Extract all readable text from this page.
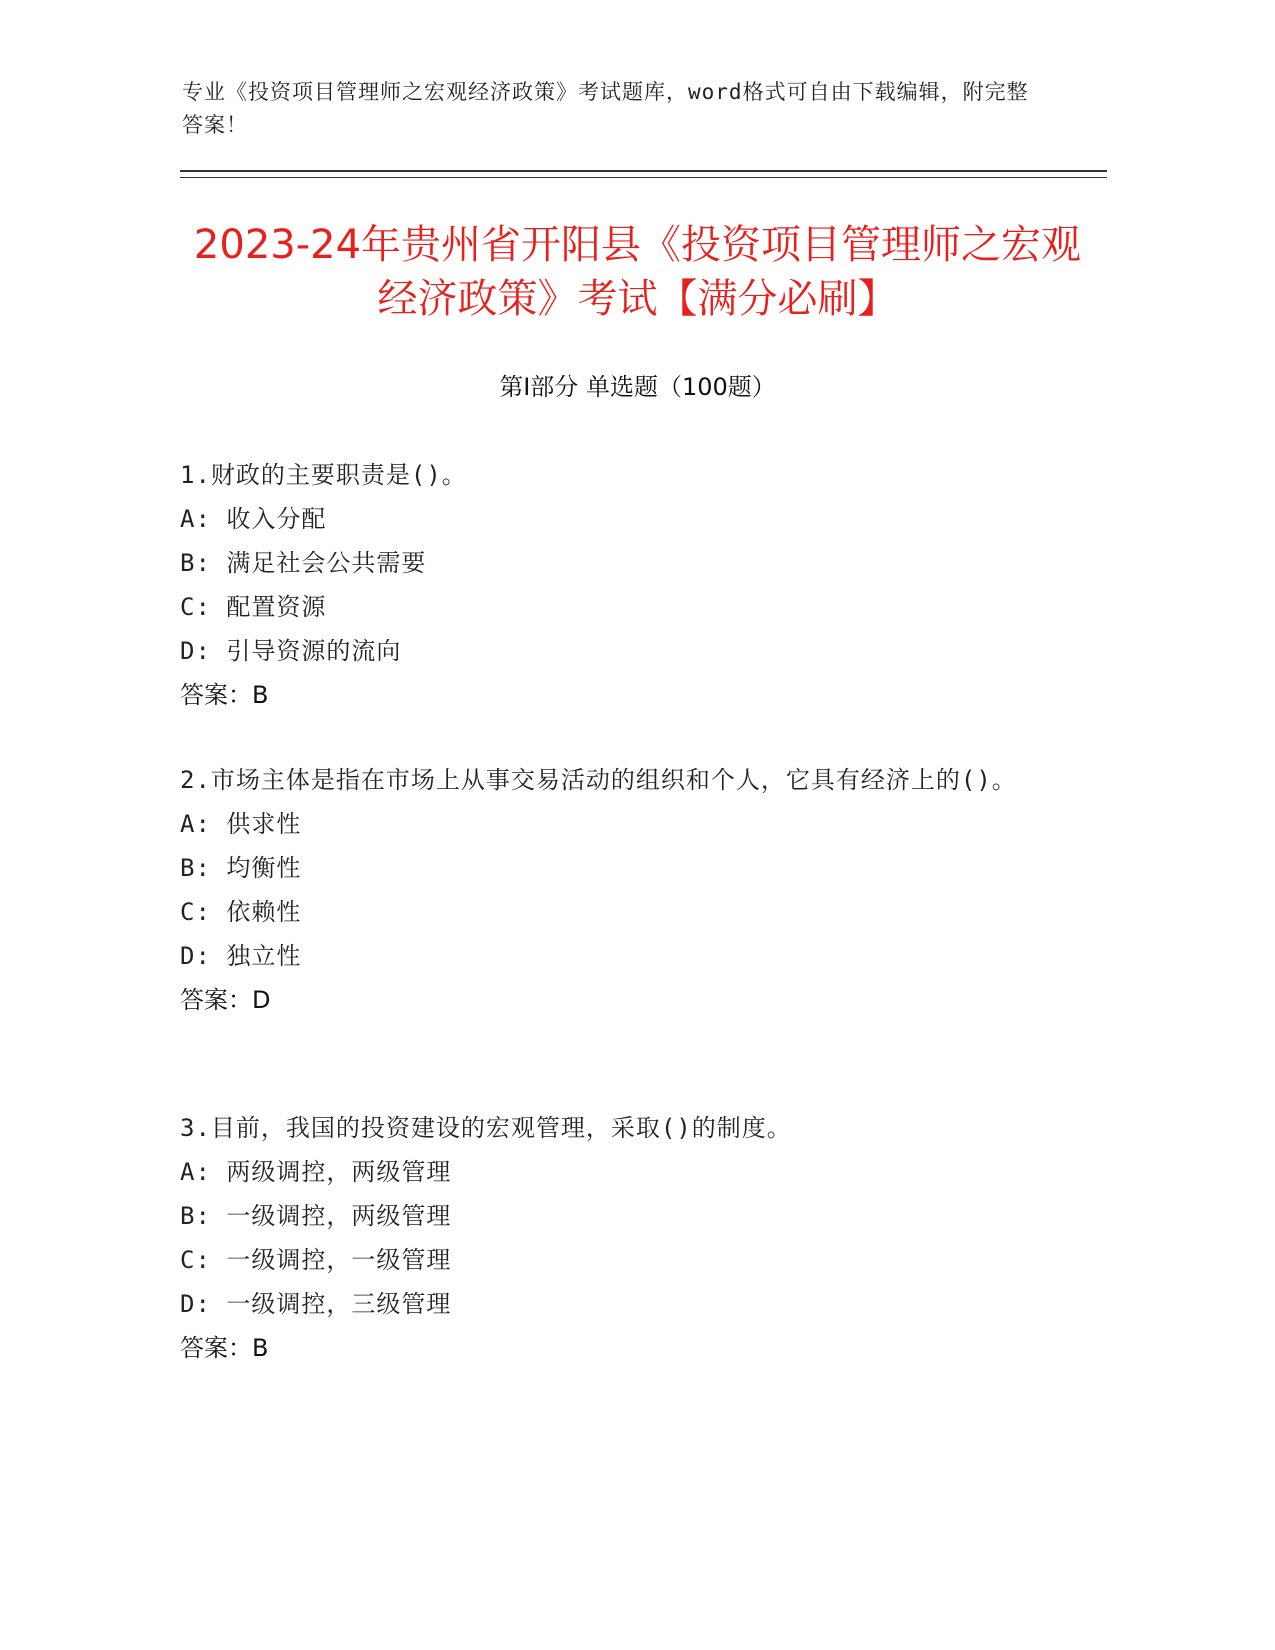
专业《投资项目管理师之宏观经济政策》考试题库，word格式可自由下载编辑，附完整答案！
2023-24年贵州省开阳县《投资项目管理师之宏观经济政策》考试【满分必刷】
第I部分 单选题（100题）
1.财政的主要职责是()。
A: 收入分配
B: 满足社会公共需要
C: 配置资源
D: 引导资源的流向
答案：B
2.市场主体是指在市场上从事交易活动的组织和个人，它具有经济上的()。
A: 供求性
B: 均衡性
C: 依赖性
D: 独立性
答案：D
3.目前，我国的投资建设的宏观管理，采取()的制度。
A: 两级调控，两级管理
B: 一级调控，两级管理
C: 一级调控，一级管理
D: 一级调控，三级管理
答案：B
